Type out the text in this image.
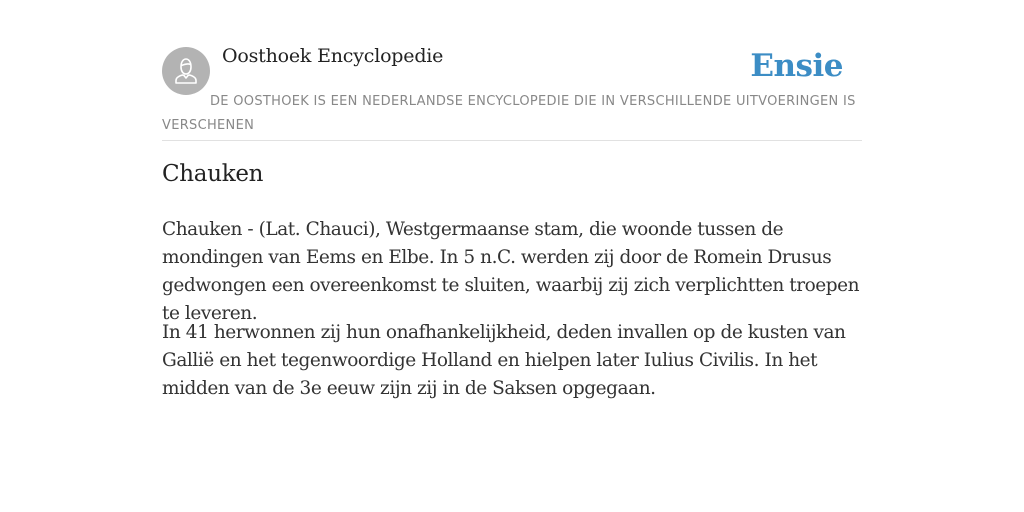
Oosthoek Encyclopedie	Ensie
DE OOSTHOEK IS EEN NEDERLANDSE ENCYCLOPEDIE DIE IN VERSCHILLENDE UITVOERINGEN IS VERSCHENEN
Chauken

Chauken - (Lat. Chauci), Westgermaanse stam, die woonde tussen de mondingen van Eems en Elbe. In 5 n.C. werden zij door de Romein Drusus gedwongen een overeenkomst te sluiten, waarbij zij zich verplichtten troepen te leveren.

In 41 herwonnen zij hun onafhankelijkheid, deden invallen op de kusten van Gallië en het tegenwoordige Holland en hielpen later Iulius Civilis. In het midden van de 3e eeuw zijn zij in de Saksen opgegaan.
